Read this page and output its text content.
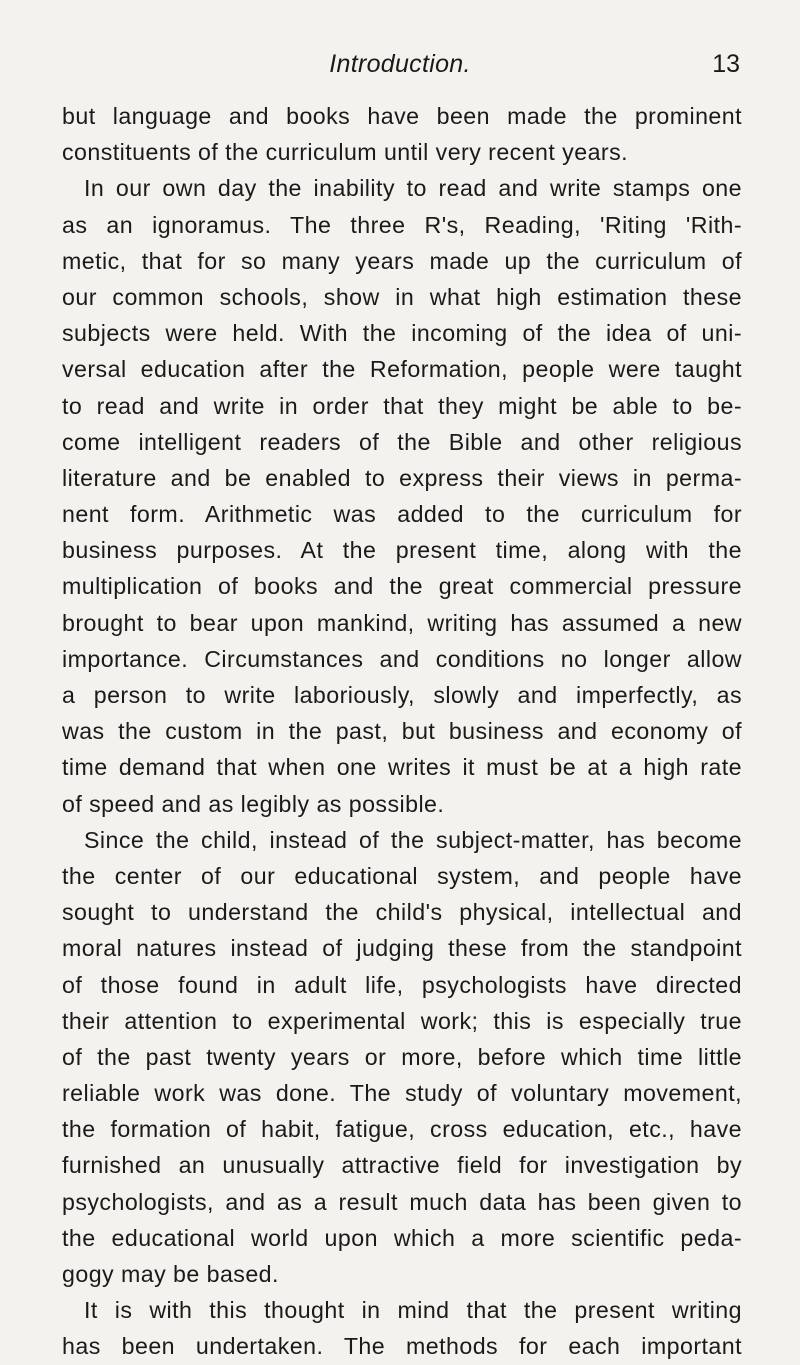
Introduction.	13
but language and books have been made the prominent
constituents of the curriculum until very recent years.
In our own day the inability to read and write stamps one
as an ignoramus. The three R's, Reading, 'Riting 'Rith-
metic, that for so many years made up the curriculum of
our common schools, show in what high estimation these
subjects were held. With the incoming of the idea of uni-
versal education after the Reformation, people were taught
to read and write in order that they might be able to be-
come intelligent readers of the Bible and other religious
literature and be enabled to express their views in perma-
nent form. Arithmetic was added to the curriculum for
business purposes. At the present time, along with the
multiplication of books and the great commercial pressure
brought to bear upon mankind, writing has assumed a new
importance. Circumstances and conditions no longer allow
a person to write laboriously, slowly and imperfectly, as
was the custom in the past, but business and economy of
time demand that when one writes it must be at a high rate
of speed and as legibly as possible.
Since the child, instead of the subject-matter, has become
the center of our educational system, and people have
sought to understand the child's physical, intellectual and
moral natures instead of judging these from the standpoint
of those found in adult life, psychologists have directed
their attention to experimental work; this is especially true
of the past twenty years or more, before which time little
reliable work was done. The study of voluntary movement,
the formation of habit, fatigue, cross education, etc., have
furnished an unusually attractive field for investigation by
psychologists, and as a result much data has been given to
the educational world upon which a more scientific peda-
gogy may be based.
It is with this thought in mind that the present writing
has been undertaken. The methods for each important
